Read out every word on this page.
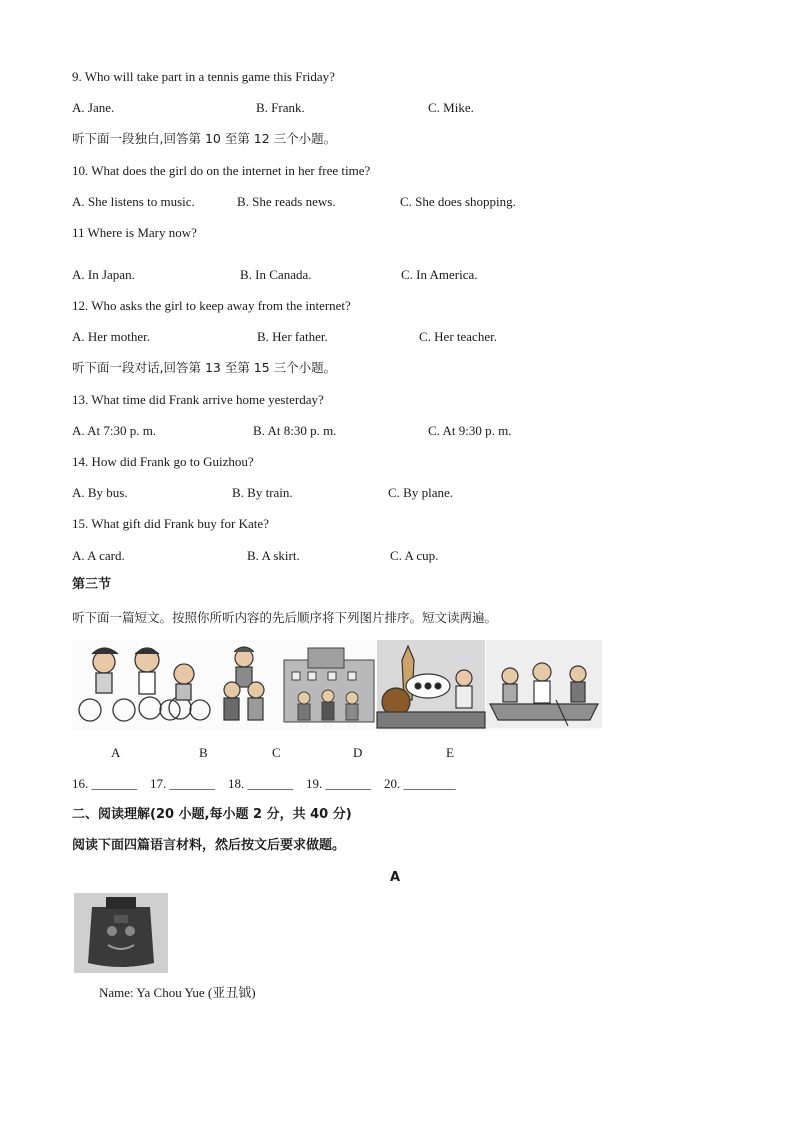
9. Who will take part in a tennis game this Friday?
A. Jane.	B. Frank.	C. Mike.
听下面一段独白,回答第 10 至第 12 三个小题。
10. What does the girl do on the internet in her free time?
A. She listens to music.	B. She reads news.	C. She does shopping.
11 Where is Mary now?
A. In Japan.	B. In Canada.	C. In America.
12. Who asks the girl to keep away from the internet?
A. Her mother.	B. Her father.	C. Her teacher.
听下面一段对话,回答第 13 至第 15 三个小题。
13. What time did Frank arrive home yesterday?
A. At 7:30 p. m.	B. At 8:30 p. m.	C. At 9:30 p. m.
14. How did Frank go to Guizhou?
A. By bus.	B. By train.	C. By plane.
15. What gift did Frank buy for Kate?
A. A card.	B. A skirt.	C. A cup.
第三节
听下面一篇短文。按照你所听内容的先后顺序将下列图片排序。短文读两遍。
A	B	C	D	E
16. _______    17. _______    18. _______    19. _______    20. ________
二、阅读理解(20 小题,每小题 2 分，共 40 分)
阅读下面四篇语言材料，然后按文后要求做题。
A
Name: Ya Chou Yue (亚丑钺)
